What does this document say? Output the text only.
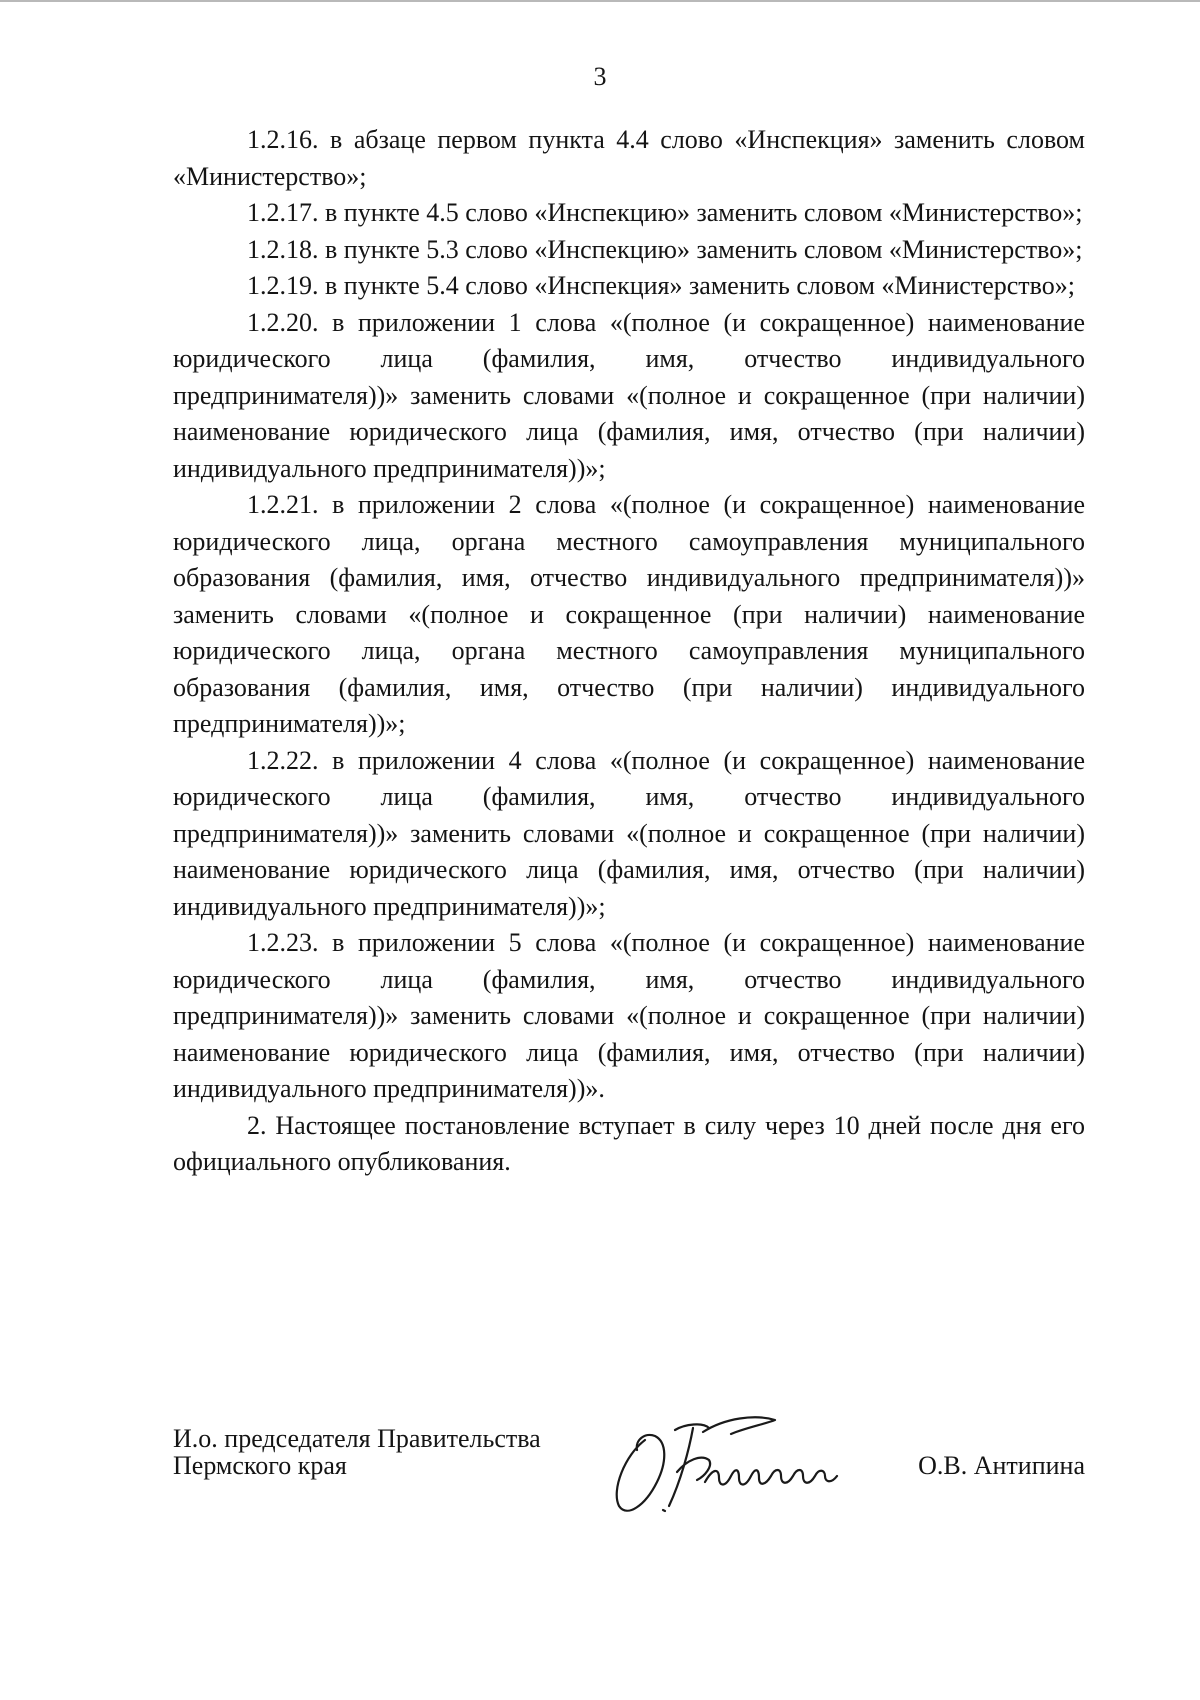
3

1.2.16. в абзаце первом пункта 4.4 слово «Инспекция» заменить словом «Министерство»;

1.2.17. в пункте 4.5 слово «Инспекцию» заменить словом «Министерство»;

1.2.18. в пункте 5.3 слово «Инспекцию» заменить словом «Министерство»;

1.2.19. в пункте 5.4 слово «Инспекция» заменить словом «Министерство»;

1.2.20. в приложении 1 слова «(полное (и сокращенное) наименование юридического лица (фамилия, имя, отчество индивидуального предпринимателя))» заменить словами «(полное и сокращенное (при наличии) наименование юридического лица (фамилия, имя, отчество (при наличии) индивидуального предпринимателя))»;

1.2.21. в приложении 2 слова «(полное (и сокращенное) наименование юридического лица, органа местного самоуправления муниципального образования (фамилия, имя, отчество индивидуального предпринимателя))» заменить словами «(полное и сокращенное (при наличии) наименование юридического лица, органа местного самоуправления муниципального образования (фамилия, имя, отчество (при наличии) индивидуального предпринимателя))»;

1.2.22. в приложении 4 слова «(полное (и сокращенное) наименование юридического лица (фамилия, имя, отчество индивидуального предпринимателя))» заменить словами «(полное и сокращенное (при наличии) наименование юридического лица (фамилия, имя, отчество (при наличии) индивидуального предпринимателя))»;

1.2.23. в приложении 5 слова «(полное (и сокращенное) наименование юридического лица (фамилия, имя, отчество индивидуального предпринимателя))» заменить словами «(полное и сокращенное (при наличии) наименование юридического лица (фамилия, имя, отчество (при наличии) индивидуального предпринимателя))».

2. Настоящее постановление вступает в силу через 10 дней после дня его официального опубликования.

И.о. председателя Правительства
Пермского края	О.В. Антипина
